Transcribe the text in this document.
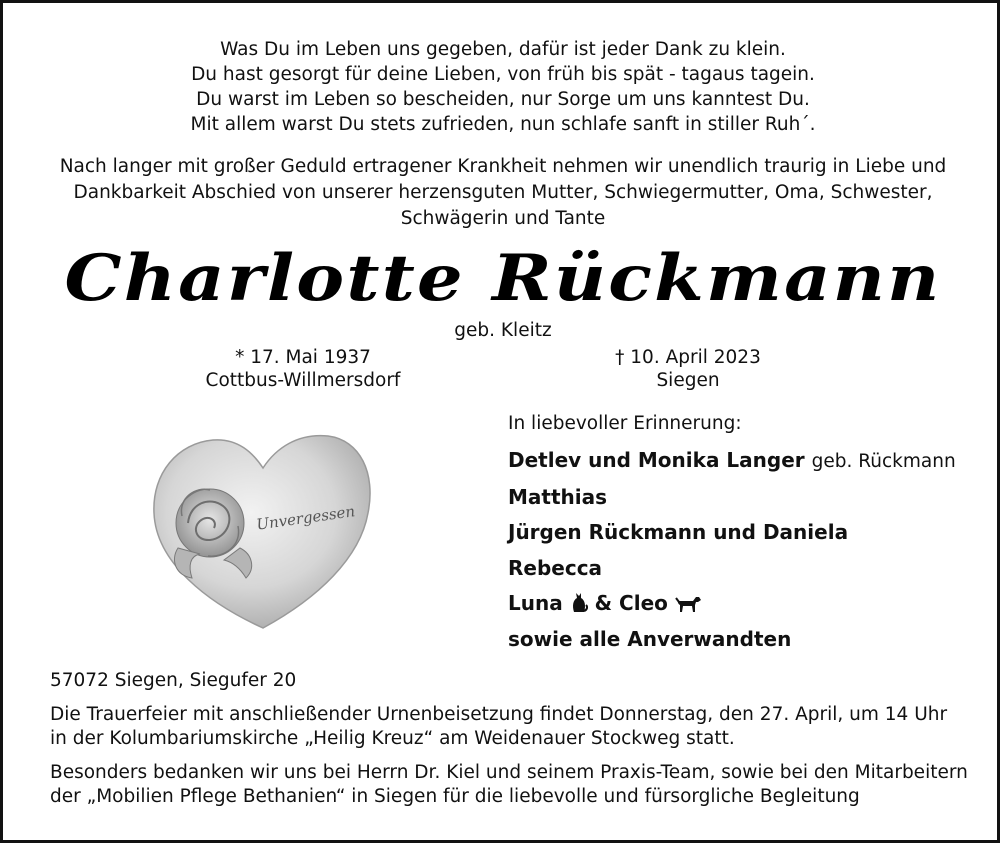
Was Du im Leben uns gegeben, dafür ist jeder Dank zu klein.
Du hast gesorgt für deine Lieben, von früh bis spät - tagaus tagein.
Du warst im Leben so bescheiden, nur Sorge um uns kanntest Du.
Mit allem warst Du stets zufrieden, nun schlafe sanft in stiller Ruh´.
Nach langer mit großer Geduld ertragener Krankheit nehmen wir unendlich traurig in Liebe und
Dankbarkeit Abschied von unserer herzensguten Mutter, Schwiegermutter, Oma, Schwester,
Schwägerin und Tante
Charlotte Rückmann
geb. Kleitz
* 17. Mai 1937
Cottbus-Willmersdorf
† 10. April 2023
Siegen
Unvergessen
In liebevoller Erinnerung:
Detlev und Monika Langer geb. Rückmann
Matthias
Jürgen Rückmann und Daniela
Rebecca
Luna & Cleo
sowie alle Anverwandten
57072 Siegen, Siegufer 20
Die Trauerfeier mit anschließender Urnenbeisetzung findet Donnerstag, den 27. April, um 14 Uhr
in der Kolumbariumskirche „Heilig Kreuz“ am Weidenauer Stockweg statt.
Besonders bedanken wir uns bei Herrn Dr. Kiel und seinem Praxis-Team, sowie bei den Mitarbeitern
der „Mobilien Pflege Bethanien“ in Siegen für die liebevolle und fürsorgliche Begleitung
